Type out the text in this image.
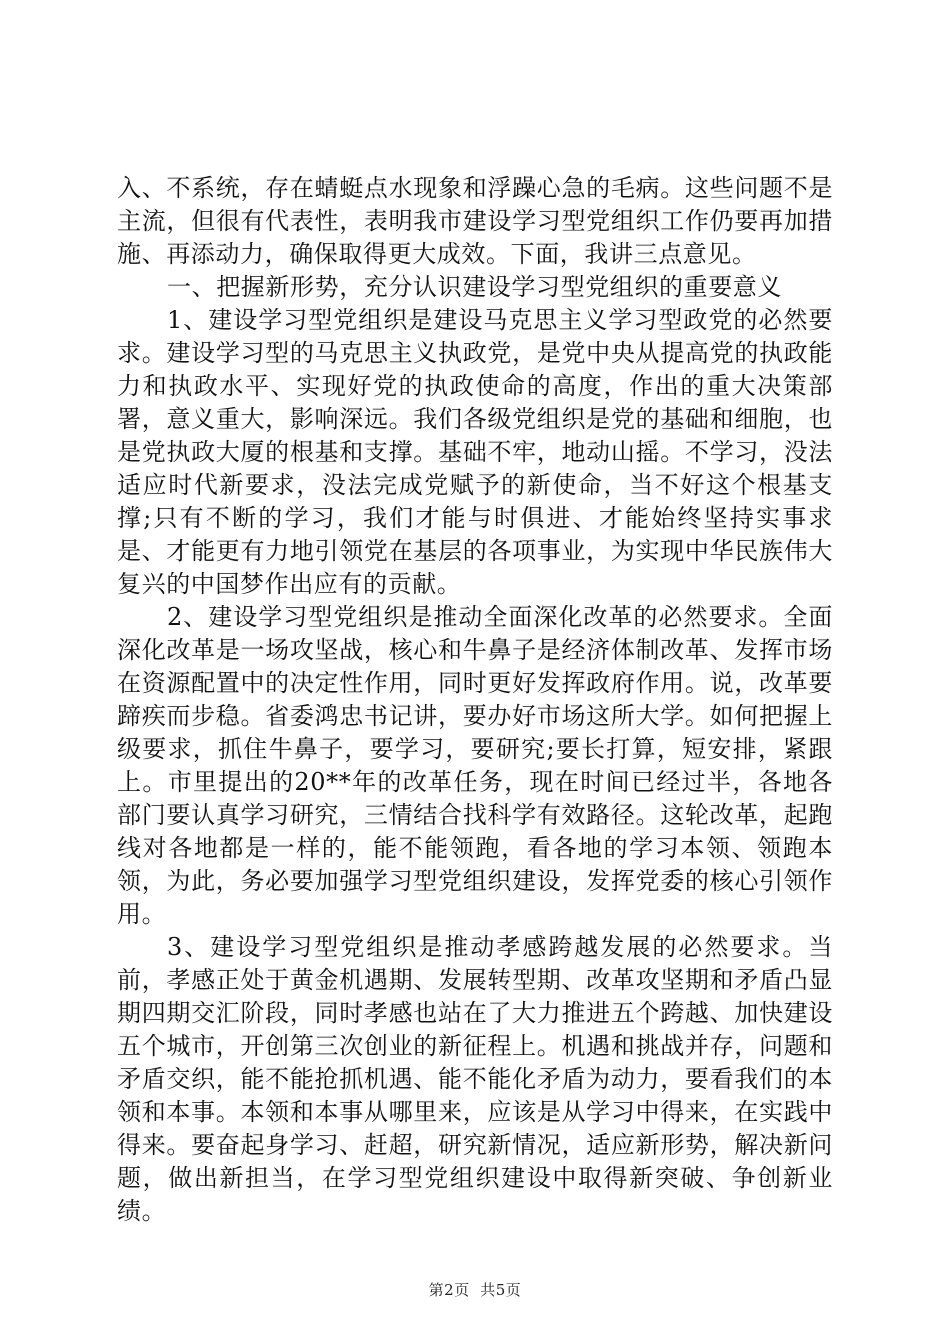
入、不系统，存在蜻蜓点水现象和浮躁心急的毛病。这些问题不是主流，但很有代表性，表明我市建设学习型党组织工作仍要再加措施、再添动力，确保取得更大成效。下面，我讲三点意见。

一、把握新形势，充分认识建设学习型党组织的重要意义

1、建设学习型党组织是建设马克思主义学习型政党的必然要求。建设学习型的马克思主义执政党，是党中央从提高党的执政能力和执政水平、实现好党的执政使命的高度，作出的重大决策部署，意义重大，影响深远。我们各级党组织是党的基础和细胞，也是党执政大厦的根基和支撑。基础不牢，地动山摇。不学习，没法适应时代新要求，没法完成党赋予的新使命，当不好这个根基支撑;只有不断的学习，我们才能与时俱进、才能始终坚持实事求是、才能更有力地引领党在基层的各项事业，为实现中华民族伟大复兴的中国梦作出应有的贡献。

2、建设学习型党组织是推动全面深化改革的必然要求。全面深化改革是一场攻坚战，核心和牛鼻子是经济体制改革、发挥市场在资源配置中的决定性作用，同时更好发挥政府作用。说，改革要蹄疾而步稳。省委鸿忠书记讲，要办好市场这所大学。如何把握上级要求，抓住牛鼻子，要学习，要研究;要长打算，短安排，紧跟上。市里提出的20**年的改革任务，现在时间已经过半，各地各部门要认真学习研究，三情结合找科学有效路径。这轮改革，起跑线对各地都是一样的，能不能领跑，看各地的学习本领、领跑本领，为此，务必要加强学习型党组织建设，发挥党委的核心引领作用。

3、建设学习型党组织是推动孝感跨越发展的必然要求。当前，孝感正处于黄金机遇期、发展转型期、改革攻坚期和矛盾凸显期四期交汇阶段，同时孝感也站在了大力推进五个跨越、加快建设五个城市，开创第三次创业的新征程上。机遇和挑战并存，问题和矛盾交织，能不能抢抓机遇、能不能化矛盾为动力，要看我们的本领和本事。本领和本事从哪里来，应该是从学习中得来，在实践中得来。要奋起身学习、赶超，研究新情况，适应新形势，解决新问题，做出新担当，在学习型党组织建设中取得新突破、争创新业绩。

第2页 共5页
